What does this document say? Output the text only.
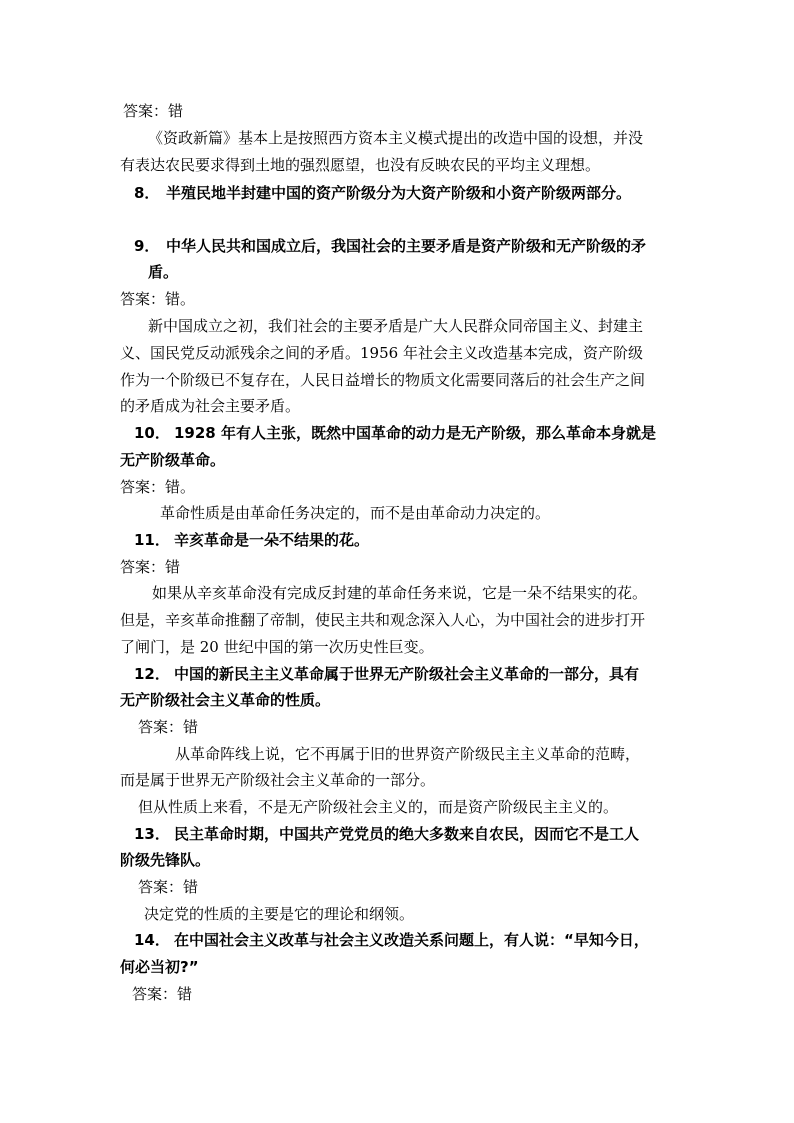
答案：错
《资政新篇》基本上是按照西方资本主义模式提出的改造中国的设想，并没
有表达农民要求得到土地的强烈愿望，也没有反映农民的平均主义理想。
8． 半殖民地半封建中国的资产阶级分为大资产阶级和小资产阶级两部分。
9． 中华人民共和国成立后，我国社会的主要矛盾是资产阶级和无产阶级的矛
盾。
答案：错。
新中国成立之初，我们社会的主要矛盾是广大人民群众同帝国主义、封建主
义、国民党反动派残余之间的矛盾。1956 年社会主义改造基本完成，资产阶级
作为一个阶级已不复存在，人民日益增长的物质文化需要同落后的社会生产之间
的矛盾成为社会主要矛盾。
10． 1928 年有人主张，既然中国革命的动力是无产阶级，那么革命本身就是
无产阶级革命。
答案：错。
革命性质是由革命任务决定的，而不是由革命动力决定的。
11． 辛亥革命是一朵不结果的花。
答案：错
如果从辛亥革命没有完成反封建的革命任务来说，它是一朵不结果实的花。
但是，辛亥革命推翻了帝制，使民主共和观念深入人心，为中国社会的进步打开
了闸门，是 20 世纪中国的第一次历史性巨变。
12． 中国的新民主主义革命属于世界无产阶级社会主义革命的一部分，具有
无产阶级社会主义革命的性质。
答案：错
从革命阵线上说，它不再属于旧的世界资产阶级民主主义革命的范畴，
而是属于世界无产阶级社会主义革命的一部分。
但从性质上来看，不是无产阶级社会主义的，而是资产阶级民主主义的。
13． 民主革命时期，中国共产党党员的绝大多数来自农民，因而它不是工人
阶级先锋队。
答案：错
决定党的性质的主要是它的理论和纲领。
14． 在中国社会主义改革与社会主义改造关系问题上，有人说：“早知今日，
何必当初?”
答案：错
